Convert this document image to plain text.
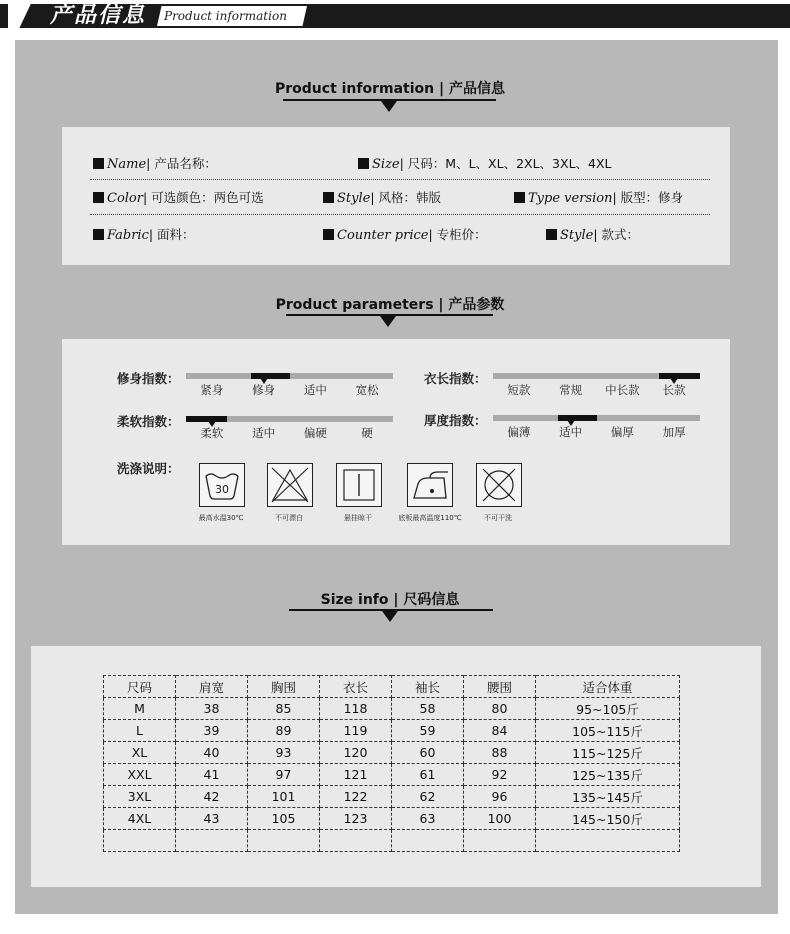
产品信息 Product information
Product information | 产品信息
Name| 产品名称：	Size| 尺码：M、L、XL、2XL、3XL、4XL
Color| 可选颜色：两色可选	Style| 风格：韩版	Type version| 版型：修身
Fabric| 面料：	Counter price| 专柜价：	Style| 款式：
Product parameters | 产品参数
修身指数：	衣长指数：
柔软指数：	厚度指数：
洗涤说明：
30
最高水温30℃	不可漂白	悬挂晾干	底板最高温度110℃	不可干洗
紧身	修身	适中	宽松	短款	常规	中长款	长款
柔软	适中	偏硬	硬	偏薄	适中	偏厚	加厚
Size info | 尺码信息
尺码	肩宽	胸围	衣长	袖长	腰围	适合体重
M	38	85	118	58	80	95~105斤
L	39	89	119	59	84	105~115斤
XL	40	93	120	60	88	115~125斤
XXL	41	97	121	61	92	125~135斤
3XL	42	101	122	62	96	135~145斤
4XL	43	105	123	63	100	145~150斤
